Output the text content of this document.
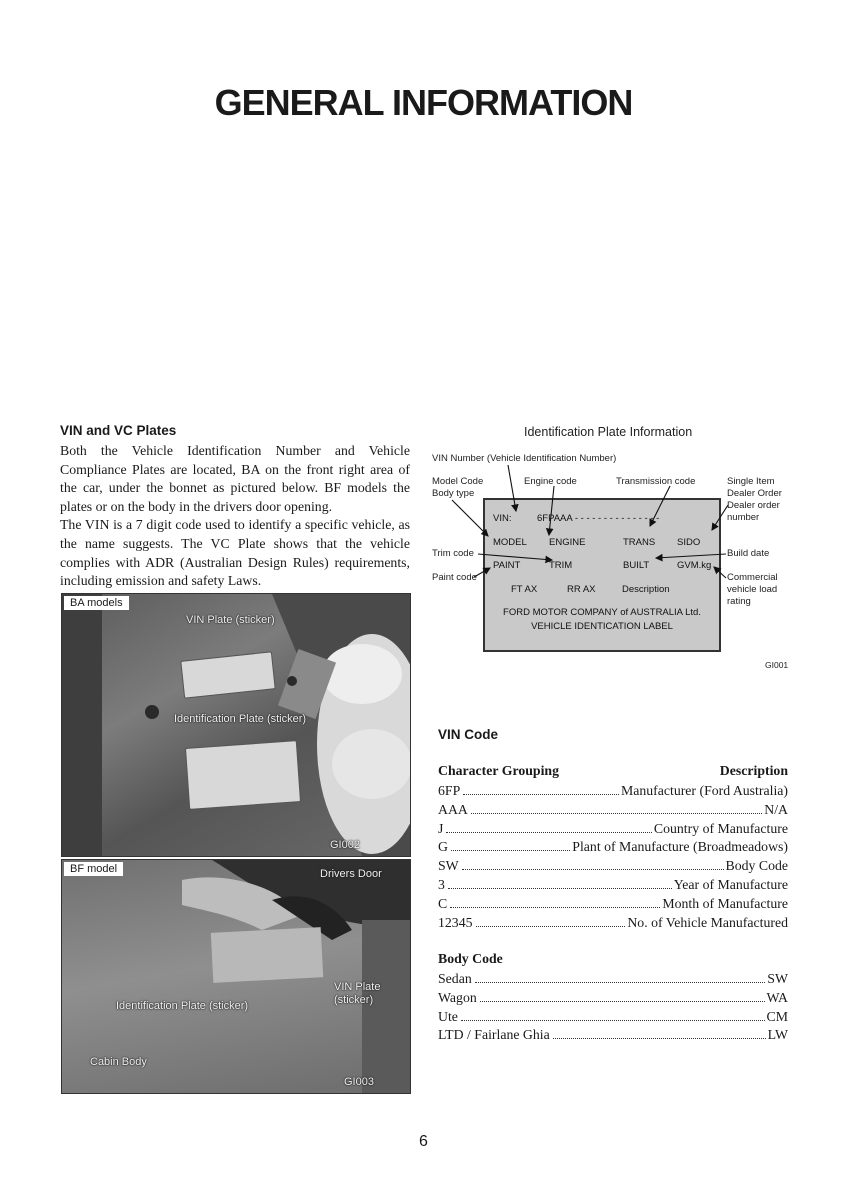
GENERAL INFORMATION
VIN and VC Plates

Both the Vehicle Identification Number and Vehicle Compliance Plates are located, BA on the front right area of the car, under the bonnet as pictured below. BF models the plates or on the body in the drivers door opening.

The VIN is a 7 digit code used to identify a specific vehicle, as the name suggests. The VC Plate shows that the vehicle complies with ADR (Australian Design Rules) requirements, including emission and safety Laws.

BA models
VIN Plate (sticker)
Identification Plate (sticker)
GI002
BF model	Drivers Door
Identification Plate (sticker)
VIN Plate
(sticker)
Cabin Body
GI003
Identification Plate Information
VIN Number (Vehicle Identification Number)
Model Code
Body type
Engine code	Transmission code	Single Item
Dealer Order
Dealer order
number
Trim code
Paint code
Build date
Commercial
vehicle load
rating
VIN:	6FPAAA - - - - - - - - - - - - - - -
MODEL ENGINE	TRANS SIDO
PAINT	TRIM	BUILT	GVM.kg
FT AX	RR AX	Description
FORD MOTOR COMPANY of AUSTRALIA Ltd.
VEHICLE IDENTICATION LABEL
GI001
VIN Code
Character Grouping	Description
6FP	Manufacturer (Ford Australia)
AAA	N/A
J	Country of Manufacture
G	Plant of Manufacture (Broadmeadows)
SW	Body Code
3	Year of Manufacture
C	Month of Manufacture
12345	No. of Vehicle Manufactured
Body Code
Sedan	SW
Wagon	WA
Ute	CM
LTD / Fairlane Ghia	LW
6
